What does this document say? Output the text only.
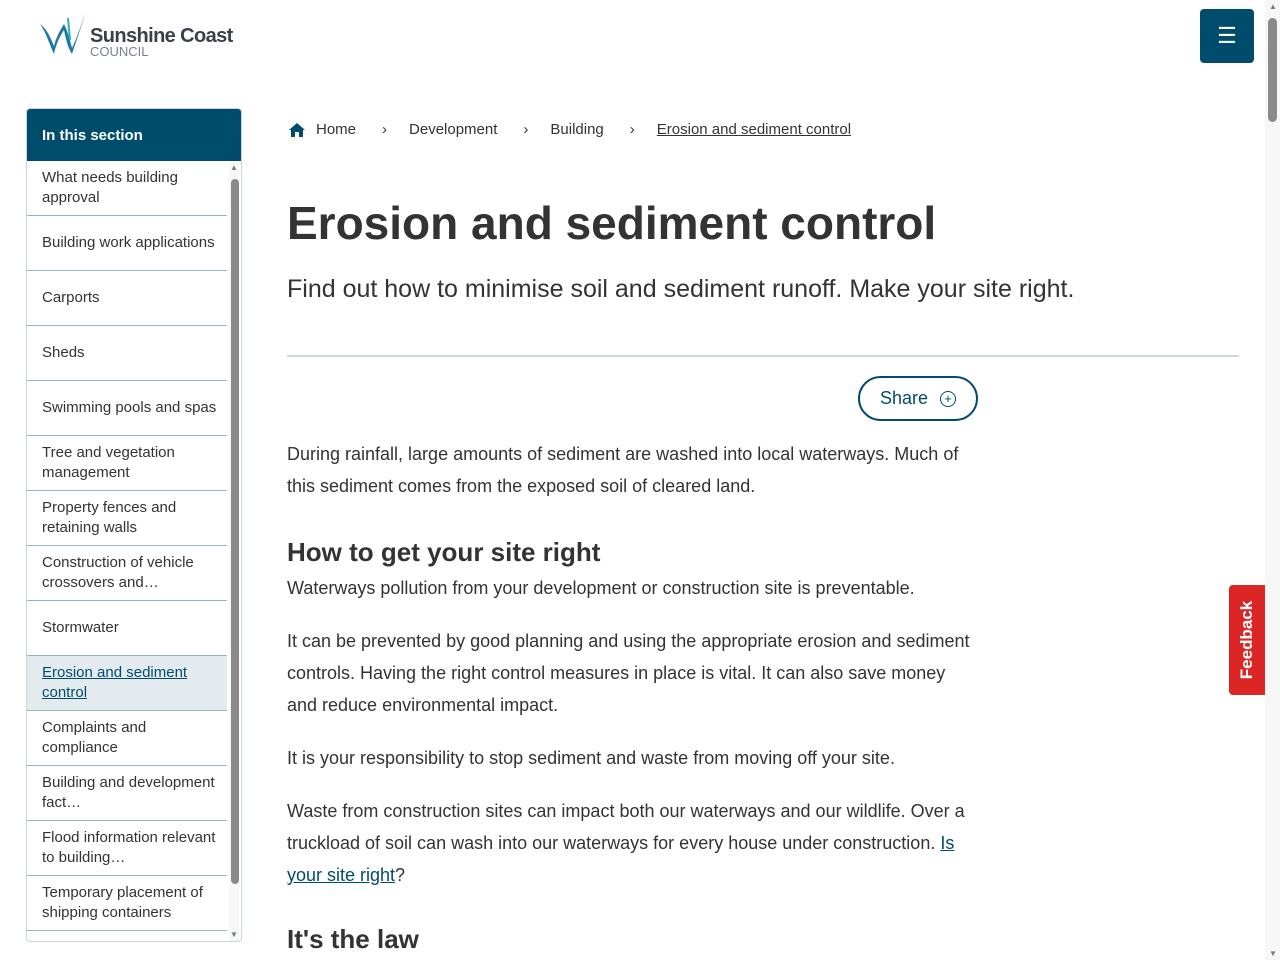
Sunshine Coast
COUNCIL
☰
In this section
What needs building approval
Building work applications
Carports
Sheds
Swimming pools and spas
Tree and vegetation management
Property fences and retaining walls
Construction of vehicle crossovers and…
Stormwater
Erosion and sediment control
Complaints and compliance
Building and development fact…
Flood information relevant to building…
Temporary placement of shipping containers
▲
▼
Home › Development › Building › Erosion and sediment control
Erosion and sediment control
Find out how to minimise soil and sediment runoff. Make your site right.
Share	+

During rainfall, large amounts of sediment are washed into local waterways. Much of this sediment comes from the exposed soil of cleared land.

How to get your site right

Waterways pollution from your development or construction site is preventable.

It can be prevented by good planning and using the appropriate erosion and sediment controls. Having the right control measures in place is vital. It can also save money and reduce environmental impact.

It is your responsibility to stop sediment and waste from moving off your site.

Waste from construction sites can impact both our waterways and our wildlife. Over a truckload of soil can wash into our waterways for every house under construction. Is your site right?

It's the law
Feedback
▲
▼
